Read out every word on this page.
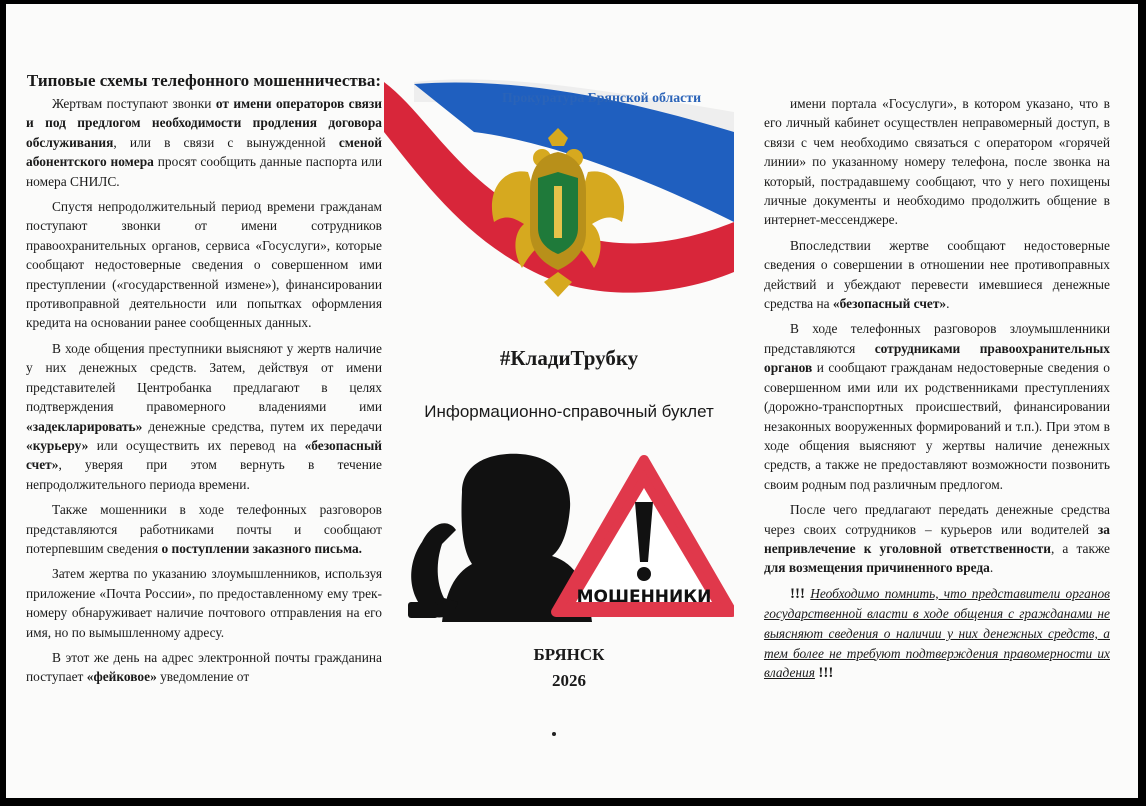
Типовые схемы телефонного мошенничества:
Жертвам поступают звонки от имени операторов связи и под предлогом необходимости продления договора обслуживания, или в связи с вынужденной сменой абонентского номера просят сообщить данные паспорта или номера СНИЛС.
Спустя непродолжительный период времени гражданам поступают звонки от имени сотрудников правоохранительных органов, сервиса «Госуслуги», которые сообщают недостоверные сведения о совершенном ими преступлении («государственной измене»), финансировании противоправной деятельности или попытках оформления кредита на основании ранее сообщенных данных.
В ходе общения преступники выясняют у жертв наличие у них денежных средств. Затем, действуя от имени представителей Центробанка предлагают в целях подтверждения правомерного владениями ими «задекларировать» денежные средства, путем их передачи «курьеру» или осуществить их перевод на «безопасный счет», уверяя при этом вернуть в течение непродолжительного периода времени.
Также мошенники в ходе телефонных разговоров представляются работниками почты и сообщают потерпевшим сведения о поступлении заказного письма.
Затем жертва по указанию злоумышленников, используя приложение «Почта России», по предоставленному ему трек-номеру обнаруживает наличие почтового отправления на его имя, но по вымышленному адресу.
В этот же день на адрес электронной почты гражданина поступает «фейковое» уведомление от
Прокуратура Брянской области
#КладиТрубку
Информационно-справочный буклет
МОШЕННИКИ
БРЯНСК
2026
имени портала «Госуслуги», в котором указано, что в его личный кабинет осуществлен неправомерный доступ, в связи с чем необходимо связаться с оператором «горячей линии» по указанному номеру телефона, после звонка на который, пострадавшему сообщают, что у него похищены личные документы и необходимо продолжить общение в интернет-мессенджере.
Впоследствии жертве сообщают недостоверные сведения о совершении в отношении нее противоправных действий и убеждают перевести имевшиеся денежные средства на «безопасный счет».
В ходе телефонных разговоров злоумышленники представляются сотрудниками правоохранительных органов и сообщают гражданам недостоверные сведения о совершенном ими или их родственниками преступлениях (дорожно-транспортных происшествий, финансировании незаконных вооруженных формирований и т.п.). При этом в ходе общения выясняют у жертвы наличие денежных средств, а также не предоставляют возможности позвонить своим родным под различным предлогом.
После чего предлагают передать денежные средства через своих сотрудников – курьеров или водителей за непривлечение к уголовной ответственности, а также для возмещения причиненного вреда.
!!! Необходимо помнить, что представители органов государственной власти в ходе общения с гражданами не выясняют сведения о наличии у них денежных средств, а тем более не требуют подтверждения правомерности их владения !!!
